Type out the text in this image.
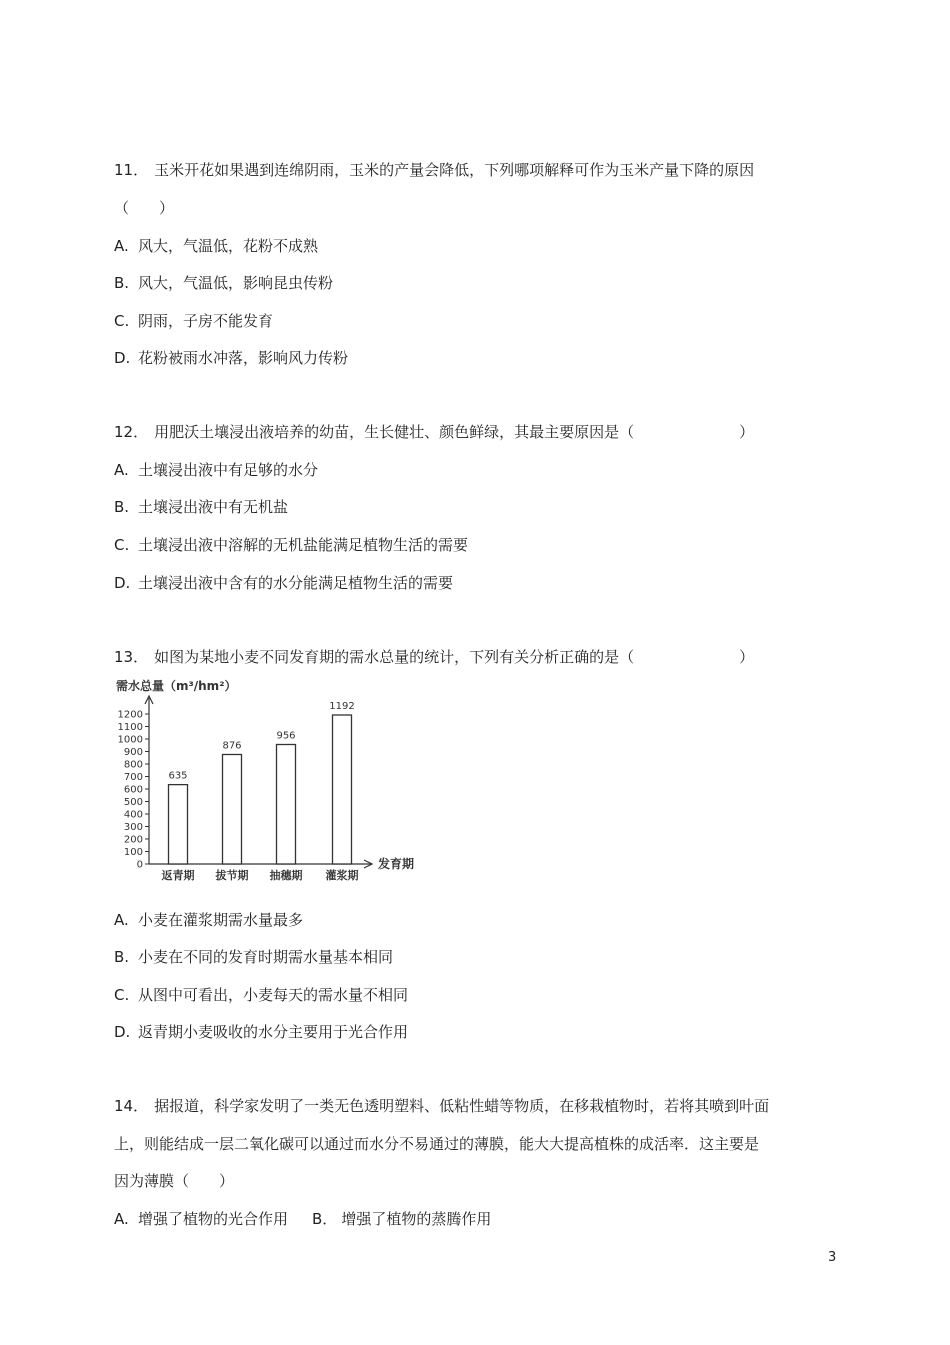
11． 玉米开花如果遇到连绵阴雨，玉米的产量会降低，下列哪项解释可作为玉米产量下降的原因
（　　）
A. 风大，气温低，花粉不成熟
B. 风大，气温低，影响昆虫传粉
C. 阴雨，子房不能发育
D. 花粉被雨水冲落，影响风力传粉
12． 用肥沃土壤浸出液培养的幼苗，生长健壮、颜色鲜绿，其最主要原因是（　　　　　　　）
A. 土壤浸出液中有足够的水分
B. 土壤浸出液中有无机盐
C. 土壤浸出液中溶解的无机盐能满足植物生活的需要
D. 土壤浸出液中含有的水分能满足植物生活的需要
13． 如图为某地小麦不同发育期的需水总量的统计，下列有关分析正确的是（　　　　　　　）
需水总量（m³/hm²）
发育期
0
100
200
300
400
500
600
700
800
900
1000
1100
1200
635
返青期
876
拔节期
956
抽穗期
1192
灌浆期
A. 小麦在灌浆期需水量最多
B. 小麦在不同的发育时期需水量基本相同
C. 从图中可看出，小麦每天的需水量不相同
D. 返青期小麦吸收的水分主要用于光合作用
14． 据报道，科学家发明了一类无色透明塑料、低粘性蜡等物质，在移栽植物时，若将其喷到叶面
上，则能结成一层二氧化碳可以通过而水分不易通过的薄膜，能大大提高植株的成活率．这主要是
因为薄膜（　　）
A. 增强了植物的光合作用 B． 增强了植物的蒸腾作用
3
